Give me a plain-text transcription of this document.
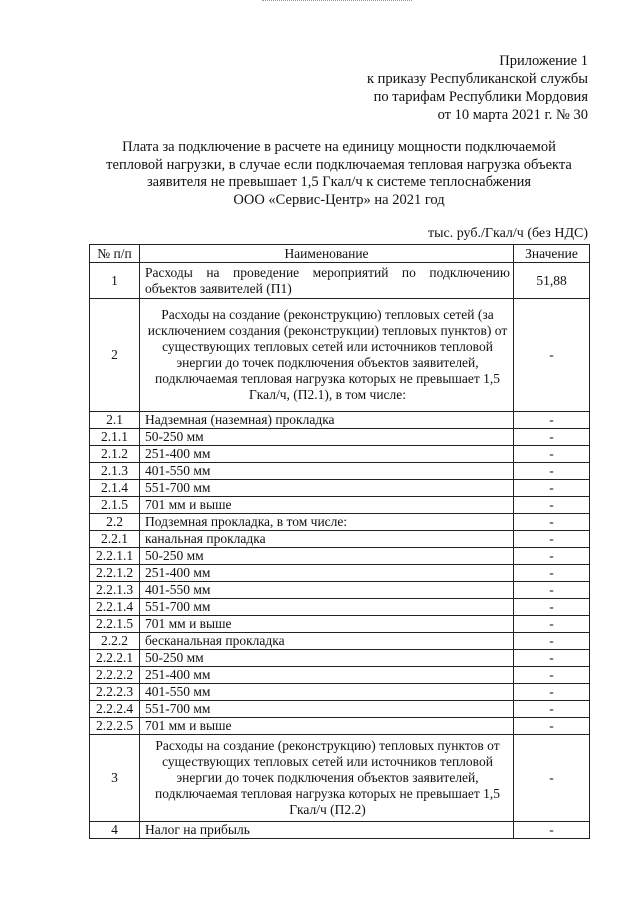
Приложение 1
к приказу Республиканской службы
по тарифам Республики Мордовия
от 10 марта 2021 г. № 30
Плата за подключение в расчете на единицу мощности подключаемой
тепловой нагрузки, в случае если подключаемая тепловая нагрузка объекта
заявителя не превышает 1,5 Гкал/ч к системе теплоснабжения
ООО «Сервис-Центр» на 2021 год
тыс. руб./Гкал/ч (без НДС)
№ п/п	Наименование	Значение
1	Расходы на проведение мероприятий по подключению объектов заявителей (П1)	51,88
2	Расходы на создание (реконструкцию) тепловых сетей (за исключением создания (реконструкции) тепловых пунктов) от существующих тепловых сетей или источников тепловой энергии до точек подключения объектов заявителей, подключаемая тепловая нагрузка которых не превышает 1,5 Гкал/ч, (П2.1), в том числе:	-
2.1	Надземная (наземная) прокладка	-
2.1.1	50-250 мм	-
2.1.2	251-400 мм	-
2.1.3	401-550 мм	-
2.1.4	551-700 мм	-
2.1.5	701 мм и выше	-
2.2	Подземная прокладка, в том числе:	-
2.2.1	канальная прокладка	-
2.2.1.1	50-250 мм	-
2.2.1.2	251-400 мм	-
2.2.1.3	401-550 мм	-
2.2.1.4	551-700 мм	-
2.2.1.5	701 мм и выше	-
2.2.2	бесканальная прокладка	-
2.2.2.1	50-250 мм	-
2.2.2.2	251-400 мм	-
2.2.2.3	401-550 мм	-
2.2.2.4	551-700 мм	-
2.2.2.5	701 мм и выше	-
3	Расходы на создание (реконструкцию) тепловых пунктов от существующих тепловых сетей или источников тепловой энергии до точек подключения объектов заявителей, подключаемая тепловая нагрузка которых не превышает 1,5 Гкал/ч (П2.2)	-
4	Налог на прибыль	-
